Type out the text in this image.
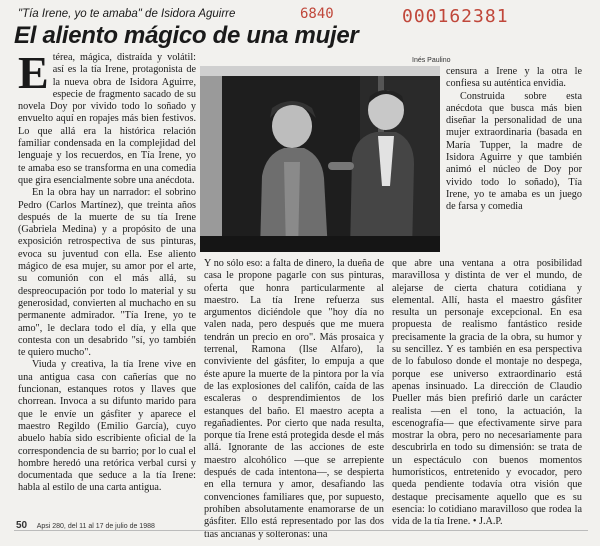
"Tía Irene, yo te amaba" de Isidora Aguirre	6840	000162381
El aliento mágico de una mujer
Inés Paulino
E térea, mágica, distraída y volátil: así es la tía Irene, protagonista de la nueva obra de Isidora Aguirre, especie de fragmento sacado de su novela Doy por vivido todo lo soñado y envuelto aquí en ropajes más bien festivos. Lo que allá era la histórica relación familiar condensada en la complejidad del lenguaje y los recuerdos, en Tía Irene, yo te amaba eso se transforma en una comedia que gira esencialmente sobre una anécdota.

En la obra hay un narrador: el sobrino Pedro (Carlos Martínez), que treinta años después de la muerte de su tía Irene (Gabriela Medina) y a propósito de una exposición retrospectiva de sus pinturas, evoca su juventud con ella. Ese aliento mágico de esa mujer, su amor por el arte, su comunión con el más allá, su despreocupación por todo lo material y su generosidad, convierten al muchacho en su permanente admirador. "Tía Irene, yo te amo", le declara todo el día, y ella que contesta con un desabrido "sí, yo también te quiero mucho".

Viuda y creativa, la tía Irene vive en una antigua casa con cañerías que no funcionan, estanques rotos y llaves que chorrean. Invoca a su difunto marido para que le envíe un gásfiter y aparece el maestro Regildo (Emilio García), cuyo abuelo había sido escribiente oficial de la correspondencia de su barrio; por lo cual el hombre heredó una retórica verbal cursi y documentada que seduce a la tía Irene: habla al estilo de una carta antigua.

Y no sólo eso: a falta de dinero, la dueña de casa le propone pagarle con sus pinturas, oferta que honra particularmente al maestro. La tía Irene refuerza sus argumentos diciéndole que "hoy día no valen nada, pero después que me muera tendrán un precio en oro". Más prosaica y terrenal, Ramona (Ilse Alfaro), la conviviente del gásfiter, lo empuja a que éste apure la muerte de la pintora por la vía de las explosiones del califón, caída de las escaleras o desprendimientos de los estanques del baño. El maestro acepta a regañadientes. Por cierto que nada resulta, porque tía Irene está protegida desde el más allá. Ignorante de las acciones de este maestro alcohólico —que se arrepiente después de cada intentona—, se despierta en ella ternura y amor, desafiando las convenciones familiares que, por supuesto, prohíben absolutamente enamorarse de un gásfiter. Ello está representado por las dos tías ancianas y solteronas: una

que abre una ventana a otra posibilidad maravillosa y distinta de ver el mundo, de alejarse de cierta chatura cotidiana y elemental. Allí, hasta el maestro gásfiter resulta un personaje excepcional. En esa propuesta de realismo fantástico reside precisamente la gracia de la obra, su humor y su sencillez. Y es también en esa perspectiva de lo fabuloso donde el montaje no despega, porque ese universo extraordinario está apenas insinuado. La dirección de Claudio Pueller más bien prefirió darle un carácter realista —en el tono, la actuación, la escenografía— que efectivamente sirve para mostrar la obra, pero no necesariamente para descubrirla en todo su dimensión: se trata de un espectáculo con buenos momentos humorísticos, entretenido y evocador, pero queda pendiente todavía otra visión que destaque precisamente aquello que es su esencia: lo cotidiano maravilloso que rodea la vida de la tía Irene. • J.A.P.

censura a Irene y la otra le confiesa su auténtica envidia.

Construida sobre esta anécdota que busca más bien diseñar la personalidad de una mujer extraordinaria (basada en María Tupper, la madre de Isidora Aguirre y que también animó el núcleo de Doy por vivido todo lo soñado), Tía Irene, yo te amaba es un juego de farsa y comedia

50 Apsi 280, del 11 al 17 de julio de 1988
